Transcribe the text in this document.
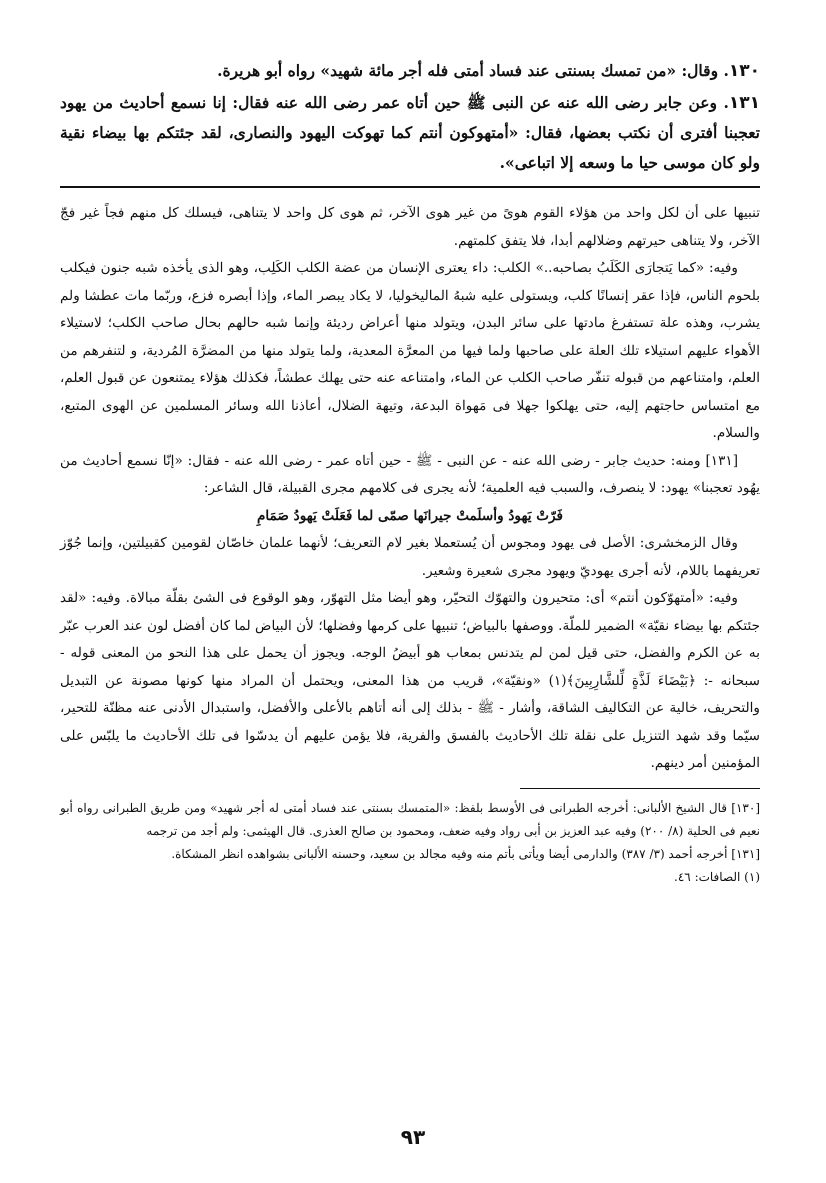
١٣٠. وقال: «من تمسك بسنتى عند فساد أمتى فله أجر مائة شهيد» رواه أبو هريرة.

١٣١. وعن جابر رضى الله عنه عن النبى ﷺ حين أتاه عمر رضى الله عنه فقال: إنا نسمع أحاديث من يهود تعجبنا أفترى أن نكتب بعضها، فقال: «أمتهوكون أنتم كما تهوكت اليهود والنصارى، لقد جئتكم بها بيضاء نقية ولو كان موسى حيا ما وسعه إلا اتباعى».

تنبيها على أن لكل واحد من هؤلاء القوم هوىً من غير هوى الآخر، ثم هوى كل واحد لا يتناهى، فيسلك كل منهم فجاً غير فجّ الآخر، ولا يتناهى حيرتهم وضلالهم أبدا، فلا يتفق كلمتهم.

وفيه: «كما يَتجارَى الكَلَبُ بصاحبه..» الكلب: داء يعترى الإنسان من عضة الكلب الكَلِب، وهو الذى يأخذه شبه جنون فيكلب بلحوم الناس، فإذا عقر إنسانًا كلب، ويستولى عليه شبهُ الماليخوليا، لا يكاد يبصر الماء، وإذا أبصره فزع، وربّما مات عطشا ولم يشرب، وهذه علة تستفرغ مادتها على سائر البدن، ويتولد منها أعراض رديئة وإنما شبه حالهم بحال صاحب الكلب؛ لاستيلاء الأهواء عليهم استيلاء تلك العلة على صاحبها ولما فيها من المعرَّة المعدية، ولما يتولد منها من المضرَّة المُردية، و لتنفرهم من العلم، وامتناعهم من قبوله تنفّر صاحب الكلب عن الماء، وامتناعه عنه حتى يهلك عطشاً، فكذلك هؤلاء يمتنعون عن قبول العلم، مع امتساس حاجتهم إليه، حتى يهلكوا جهلا فى مَهواة البدعة، وتيهة الضلال، أعاذنا الله وسائر المسلمين عن الهوى المتبع، والسلام.

[١٣١] ومنه: حديث جابر - رضى الله عنه - عن النبى - ﷺ - حين أتاه عمر - رضى الله عنه - فقال: «إنّا نسمع أحاديث من يهُود تعجبنا» يهود: لا ينصرف، والسبب فيه العلمية؛ لأنه يجرى فى كلامهم مجرى القبيلة، قال الشاعر:

فَرّتْ يَهودُ وأسلَمتْ جيرانَها صمّى لما فَعَلَتْ يَهودُ صَمَامِ

وقال الزمخشرى: الأصل فى يهود ومجوس أن يُستعملا بغير لام التعريف؛ لأنهما علمان خاصّان لقومين كقبيلتين، وإنما جُوّز تعريفهما باللام، لأنه أجرى يهوديّ ويهود مجرى شعيرة وشعير.

وفيه: «أمتهوّكون أنتم» أى: متحيرون والتهوّك التحيّر، وهو أيضا مثل التهوّر، وهو الوقوع فى الشئ بقلّة مبالاة. وفيه: «لقد جئتكم بها بيضاء نقيّة» الضمير للملّة. ووصفها بالبياض؛ تنبيها على كرمها وفضلها؛ لأن البياض لما كان أفضل لون عند العرب عبّر به عن الكرم والفضل، حتى قيل لمن لم يتدنس بمعاب هو أبيضُ الوجه. ويجوز أن يحمل على هذا النحو من المعنى قوله - سبحانه -: ﴿بَيْضَاءَ لَذَّةٍ لِّلشَّارِبِينَ﴾(١) «ونقيّة»، قريب من هذا المعنى، ويحتمل أن المراد منها كونها مصونة عن التبديل والتحريف، خالية عن التكاليف الشاقة، وأشار - ﷺ - بذلك إلى أنه أتاهم بالأعلى والأفضل، واستبدال الأدنى عنه مظنّة للتحير، سيّما وقد شهد التنزيل على نقلة تلك الأحاديث بالفسق والفرية، فلا يؤمن عليهم أن يدسّوا فى تلك الأحاديث ما يلبّس على المؤمنين أمر دينهم.

[١٣٠] قال الشيخ الألبانى: أخرجه الطبرانى فى الأوسط بلفظ: «المتمسك بسنتى عند فساد أمتى له أجر شهيد» ومن طريق الطبرانى رواه أبو نعيم فى الحلية (٨/ ٢٠٠) وفيه عبد العزيز بن أبى رواد وفيه ضعف، ومحمود بن صالح العذرى. قال الهيثمى: ولم أجد من ترجمه

[١٣١] أخرجه أحمد (٣/ ٣٨٧) والدارمى أيضا ويأتى بأتم منه وفيه مجالد بن سعيد، وحسنه الألبانى بشواهده انظر المشكاة.

(١) الصافات: ٤٦.

٩٣
